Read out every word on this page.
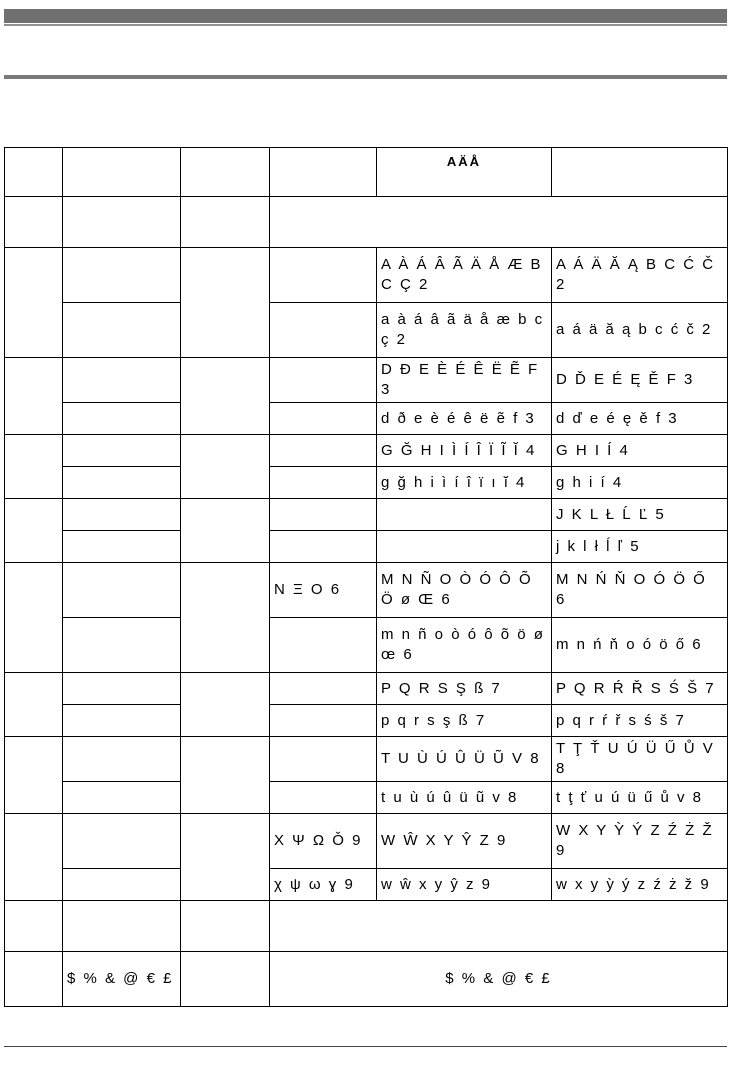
				AÄÅ	

				A À Á Â Ã Ä Å Æ B C Ç 2	A Á Ä Ă Ą B C Ć Č 2
				a à á â ã ä å æ b c ç 2	a á ä ă ą b c ć č 2
				D Đ E È É Ê Ë Ẽ F 3	D Ď E É Ę Ě F 3
				d ð e è é ê ë ẽ f 3	d ď e é ę ě f 3
				G Ğ H I Ì Í Î Ï Ĩ Ĭ 4	G H I Í 4
				g ğ h i ì í î ï ı ĭ 4	g h i í 4
					J K L Ł Ĺ Ľ 5
					j k l ł ĺ ľ 5
			N Ξ O 6	M N Ñ O Ò Ó Ô Õ Ö ø Œ 6	M N Ń Ň O Ó Ö Ő 6
				m n ñ o ò ó ô õ ö ø œ 6	m n ń ň o ó ö ő 6
				P Q R S Ş ß 7	P Q R Ŕ Ř S Ś Š 7
				p q r s ş ß 7	p q r ŕ ř s ś š 7
				T U Ù Ú Û Ü Ũ V 8	T Ţ Ť U Ú Ü Ű Ů V 8
				t u ù ú û ü ũ v 8	t ţ ť u ú ü ű ů v 8
			Χ Ψ Ω Ǒ 9	W Ŵ X Y Ŷ Z 9	W X Y Ỳ Ý Z Ź Ż Ž 9
			χ ψ ω ɣ 9	w ŵ x y ŷ z 9	w x y ỳ ý z ź ż ž 9

	$ % & @ € £		$ % & @ € £		
